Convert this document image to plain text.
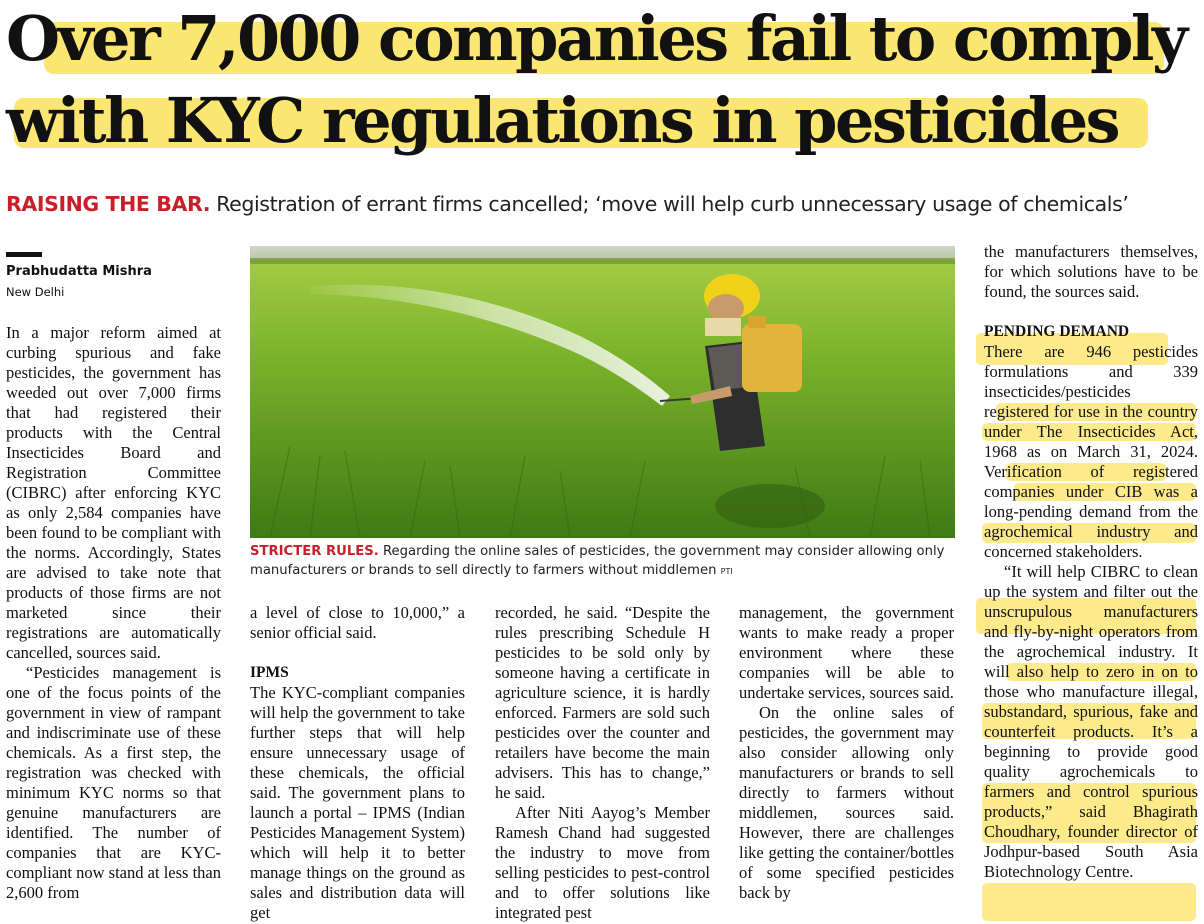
Over 7,000 companies fail to comply
with KYC regulations in pesticides
RAISING THE BAR. Registration of errant firms cancelled; ‘move will help curb unnecessary usage of chemicals’
Prabhudatta Mishra
New Delhi

In a major reform aimed at curbing spurious and fake pesticides, the government has weeded out over 7,000 firms that had registered their products with the Central Insecticides Board and Registration Committee (CIBRC) after enforcing KYC as only 2,584 companies have been found to be compliant with the norms. Accordingly, States are advised to take note that products of those firms are not marketed since their registrations are automatically cancelled, sources said.

“Pesticides management is one of the focus points of the government in view of rampant and indiscriminate use of these chemicals. As a first step, the registration was checked with minimum KYC norms so that genuine manufacturers are identified. The number of companies that are KYC-compliant now stand at less than 2,600 from

STRICTER RULES. Regarding the online sales of pesticides, the government may consider allowing only manufacturers or brands to sell directly to farmers without middlemen PTI

a level of close to 10,000,” a senior official said.

IPMS

The KYC-compliant companies will help the government to take further steps that will help ensure unnecessary usage of these chemicals, the official said. The government plans to launch a portal – IPMS (Indian Pesticides Management System) which will help it to better manage things on the ground as sales and distribution data will get

recorded, he said. “Despite the rules prescribing Schedule H pesticides to be sold only by someone having a certificate in agriculture science, it is hardly enforced. Farmers are sold such pesticides over the counter and retailers have become the main advisers. This has to change,” he said.

After Niti Aayog’s Member Ramesh Chand had suggested the industry to move from selling pesticides to pest-control and to offer solutions like integrated pest

management, the government wants to make ready a proper environment where these companies will be able to undertake services, sources said.

On the online sales of pesticides, the government may also consider allowing only manufacturers or brands to sell directly to farmers without middlemen, sources said. However, there are challenges like getting the container/bottles of some specified pesticides back by

the manufacturers themselves, for which solutions have to be found, the sources said.

PENDING DEMAND

There are 946 pesticides formulations and 339 insecticides/pesticides registered for use in the country under The Insecticides Act, 1968 as on March 31, 2024. Verification of registered companies under CIB was a long-pending demand from the agrochemical industry and concerned stakeholders.

“It will help CIBRC to clean up the system and filter out the unscrupulous manufacturers and fly-by-night operators from the agrochemical industry. It will also help to zero in on to those who manufacture illegal, substandard, spurious, fake and counterfeit products. It’s a beginning to provide good quality agrochemicals to farmers and control spurious products,” said Bhagirath Choudhary, founder director of Jodhpur-based South Asia Biotechnology Centre.
